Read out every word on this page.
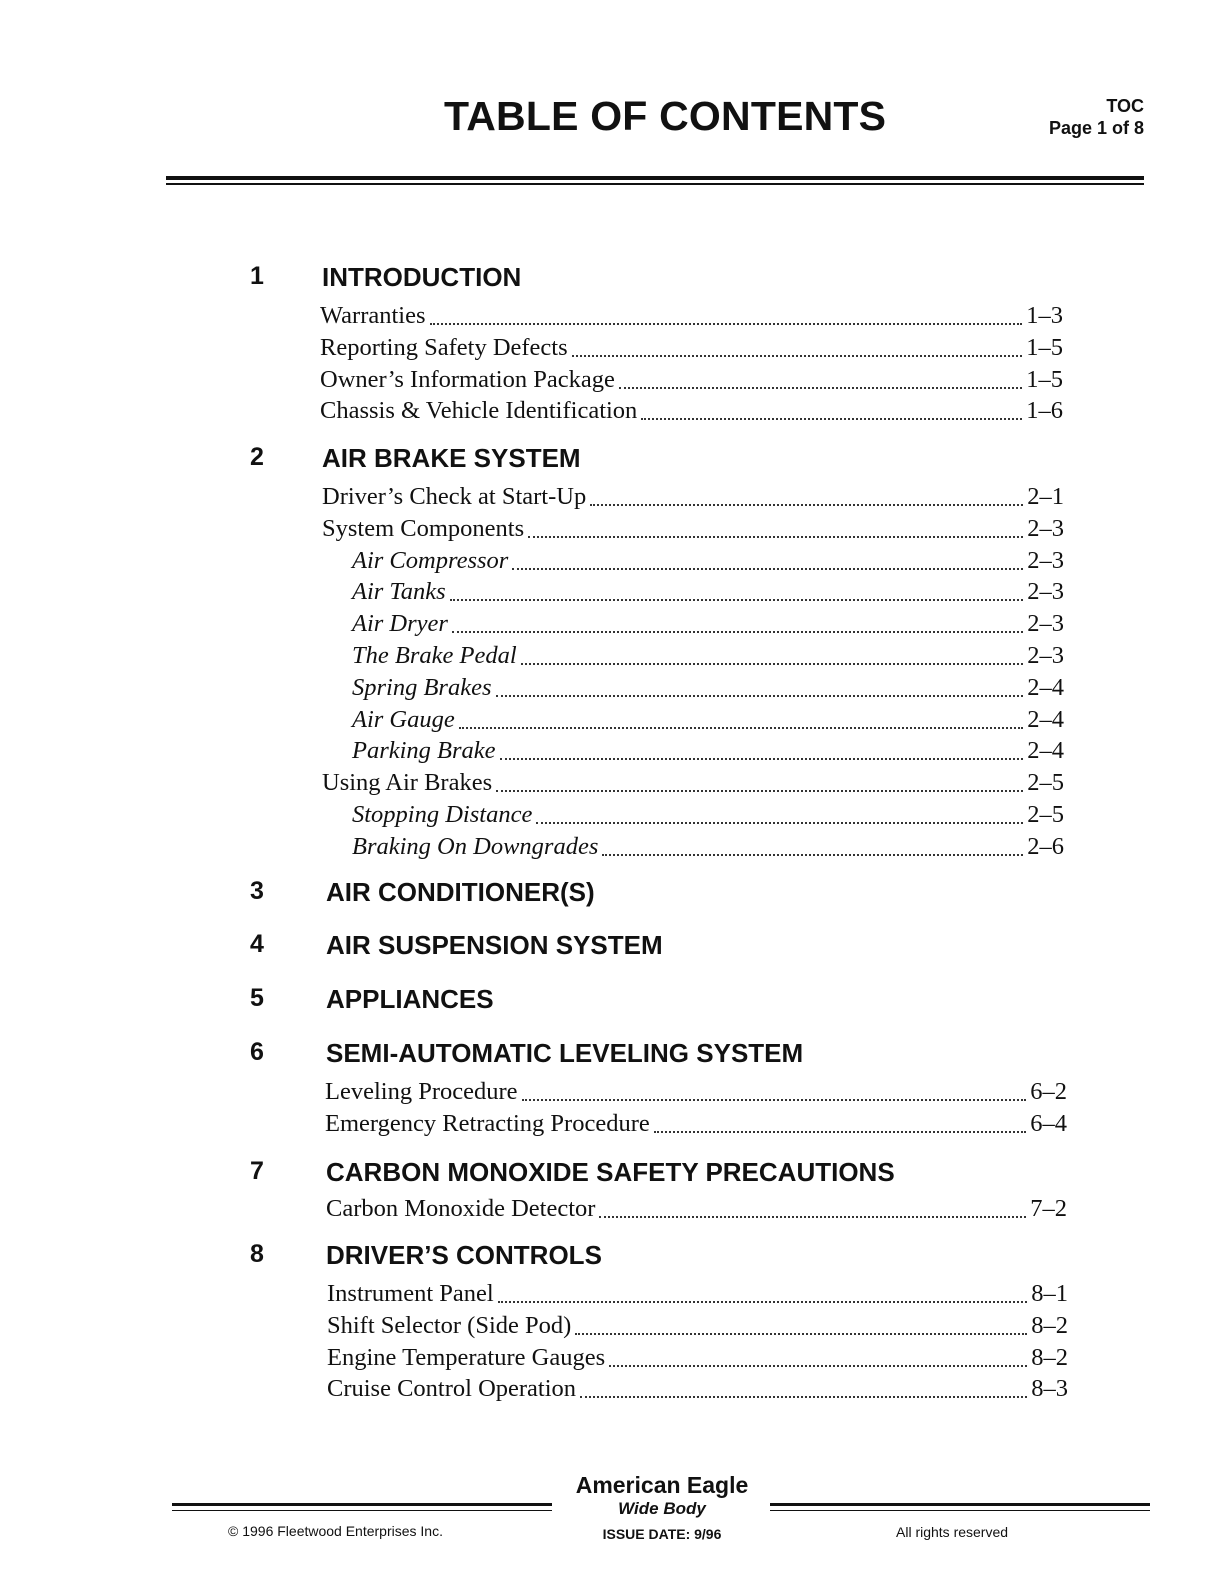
TABLE OF CONTENTS	TOC
Page 1 of 8
1 INTRODUCTION
Warranties	1–3
Reporting Safety Defects	1–5
Owner’s Information Package	1–5
Chassis & Vehicle Identification	1–6
2 AIR BRAKE SYSTEM
Driver’s Check at Start-Up	2–1
System Components	2–3
Air Compressor	2–3
Air Tanks	2–3
Air Dryer	2–3
The Brake Pedal	2–3
Spring Brakes	2–4
Air Gauge	2–4
Parking Brake	2–4
Using Air Brakes	2–5
Stopping Distance	2–5
Braking On Downgrades	2–6
3 AIR CONDITIONER(S)
4 AIR SUSPENSION SYSTEM
5 APPLIANCES
6 SEMI-AUTOMATIC LEVELING SYSTEM
Leveling Procedure	6–2
Emergency Retracting Procedure	6–4
7 CARBON MONOXIDE SAFETY PRECAUTIONS
Carbon Monoxide Detector	7–2
8 DRIVER’S CONTROLS
Instrument Panel	8–1
Shift Selector (Side Pod)	8–2
Engine Temperature Gauges	8–2
Cruise Control Operation	8–3
American Eagle
Wide Body
© 1996 Fleetwood Enterprises Inc.	ISSUE DATE: 9/96	All rights reserved
